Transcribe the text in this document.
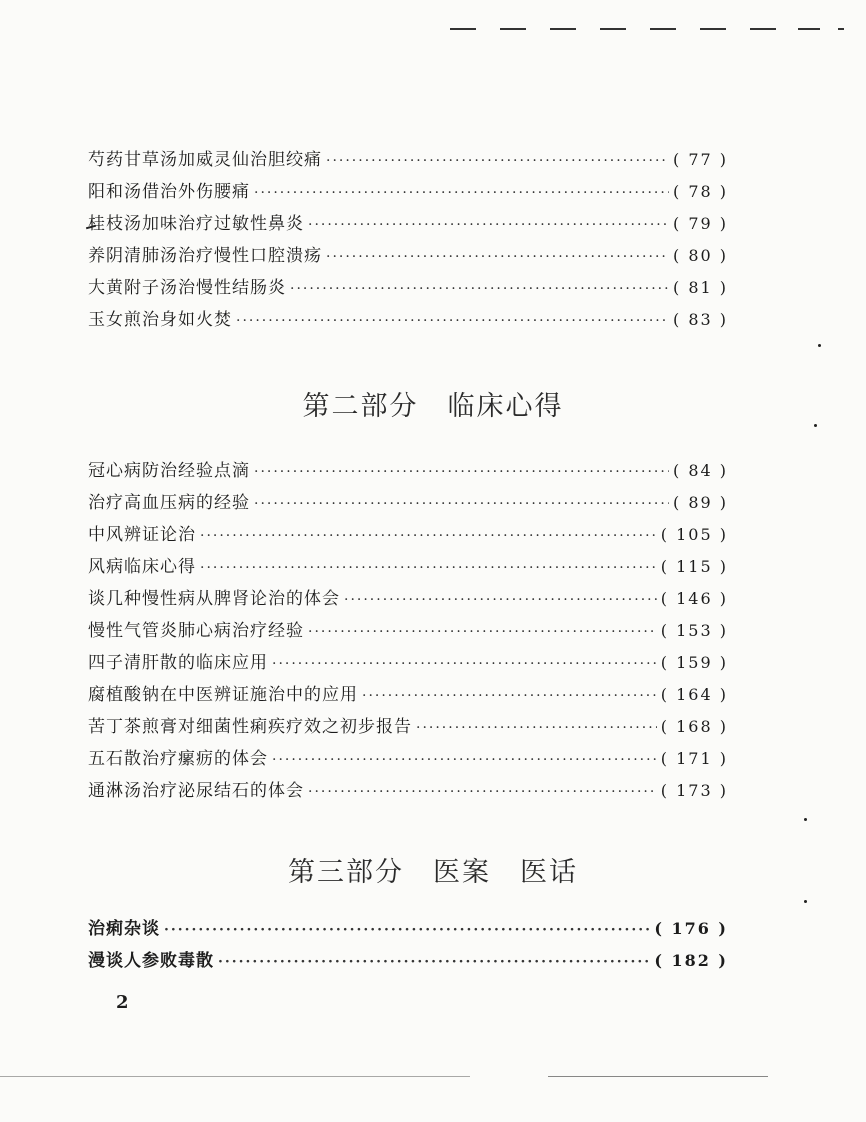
芍药甘草汤加威灵仙治胆绞痛 ·····	( 77 )
阳和汤借治外伤腰痛 ·····	( 78 )
桂枝汤加味治疗过敏性鼻炎 ·····	( 79 )
养阴清肺汤治疗慢性口腔溃疡 ·····	( 80 )
大黄附子汤治慢性结肠炎 ·····	( 81 )
玉女煎治身如火焚 ·····	( 83 )
第二部分　临床心得
冠心病防治经验点滴 ·····	( 84 )
治疗高血压病的经验 ·····	( 89 )
中风辨证论治 ·····	( 105 )
风病临床心得 ·····	( 115 )
谈几种慢性病从脾肾论治的体会 ·····	( 146 )
慢性气管炎肺心病治疗经验 ·····	( 153 )
四子清肝散的临床应用 ·····	( 159 )
腐植酸钠在中医辨证施治中的应用 ·····	( 164 )
苦丁茶煎膏对细菌性痢疾疗效之初步报告 ·····	( 168 )
五石散治疗瘰疬的体会 ·····	( 171 )
通淋汤治疗泌尿结石的体会 ·····	( 173 )
第三部分　医案　医话
治痢杂谈 ·····	( 176 )
漫谈人参败毒散 ·····	( 182 )
2
